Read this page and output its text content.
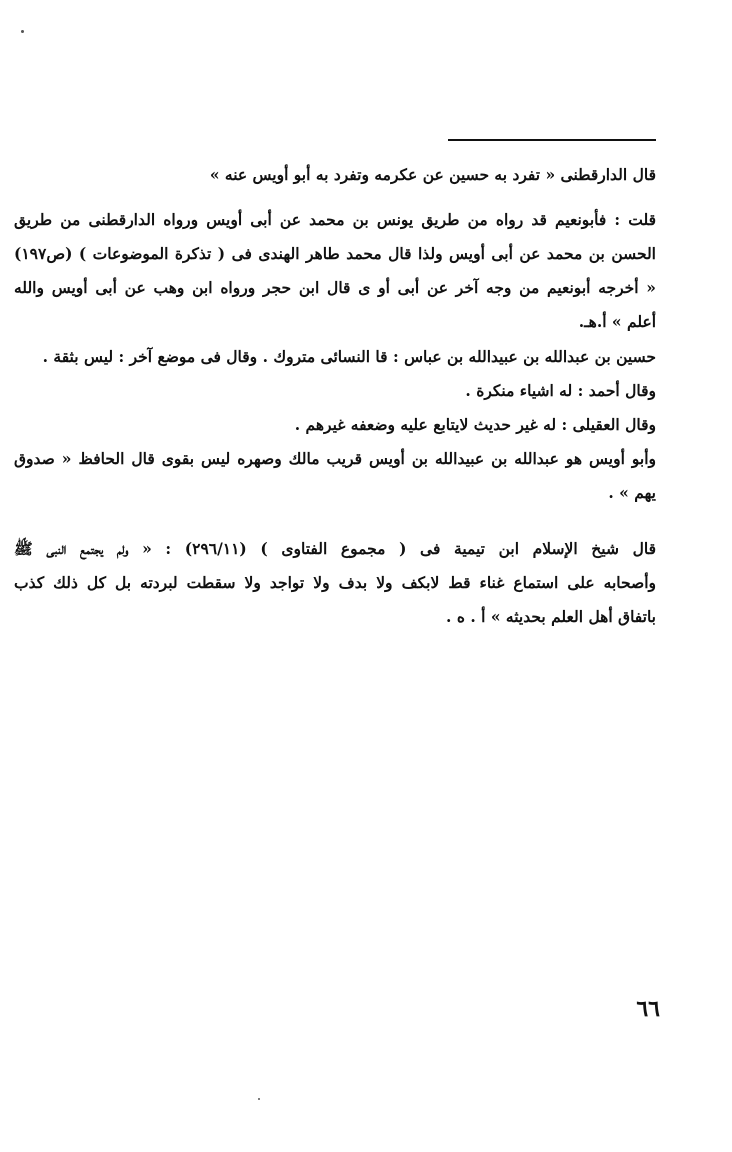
قال الدارقطنى « تفرد به حسين عن عكرمه وتفرد به أبو أويس عنه »
قلت : فأبونعيم قد رواه من طريق يونس بن محمد عن أبى أويس ورواه الدارقطنى من طريق
الحسن بن محمد عن أبى أويس ولذا قال محمد طاهر الهندى فى ( تذكرة الموضوعات ) (ص١٩٧)
« أخرجه أبونعيم من وجه آخر عن أبى أو ى قال ابن حجر ورواه ابن وهب عن أبى أويس والله
أعلم » أ.هـ.
حسين بن عبدالله بن عبيدالله بن عباس : قا النسائى متروك . وقال فى موضع آخر : ليس بثقة .
وقال أحمد : له اشياء منكرة .
وقال العقيلى : له غير حديث لايتابع عليه وضعفه غيرهم .
وأبو أويس هو عبدالله بن عبيدالله بن أويس قريب مالك وصهره ليس بقوى قال الحافظ « صدوق
يهم » .
قال شيخ الإسلام ابن تيمية فى ( مجموع الفتاوى ) (٢٩٦/١١) : « ولم يجتمع النبى ﷺ
وأصحابه على استماع غناء قط لابكف ولا بدف ولا تواجد ولا سقطت لبردته بل كل ذلك كذب
باتفاق أهل العلم بحديثه » أ . ه .
٦٦
